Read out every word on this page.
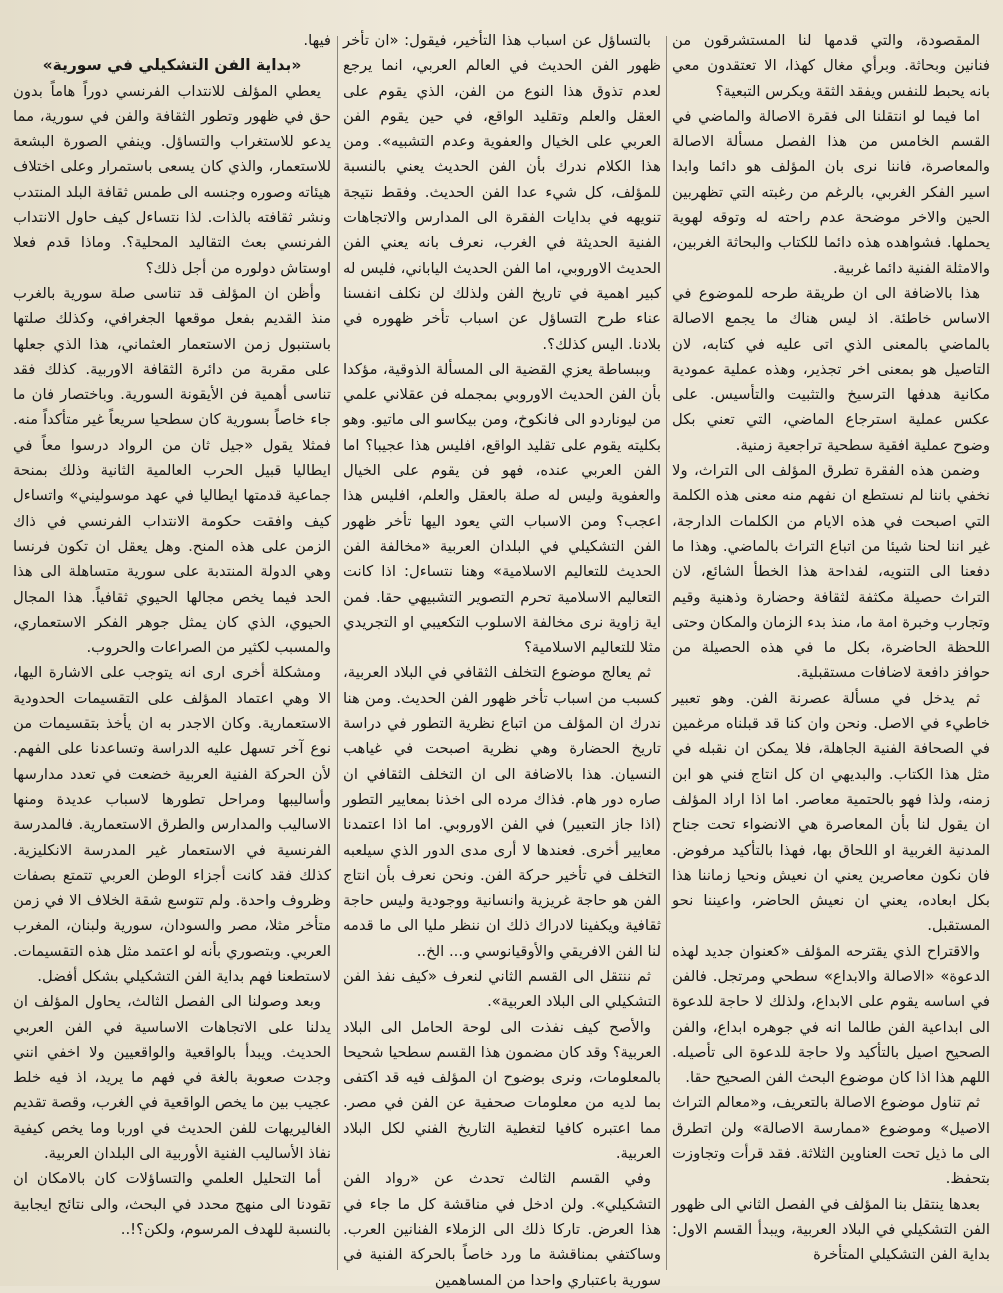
المقصودة، والتي قدمها لنا المستشرقون من فنانين وبحاثة. وبرأي مغال كهذا، الا تعتقدون معي بانه يحبط للنفس ويفقد الثقة ويكرس التبعية؟

اما فيما لو انتقلنا الى فقرة الاصالة والماضي في القسم الخامس من هذا الفصل مسألة الاصالة والمعاصرة، فاننا نرى بان المؤلف هو دائما وابدا اسير الفكر الغربي، بالرغم من رغبته التي تظهربين الحين والاخر موضحة عدم راحته له وتوقه لهوية يحملها. فشواهده هذه دائما للكتاب والبحاثة الغربين، والامثلة الفنية دائما غربية.

هذا بالاضافة الى ان طريقة طرحه للموضوع في الاساس خاطئة. اذ ليس هناك ما يجمع الاصالة بالماضي بالمعنى الذي اتى عليه في كتابه، لان التاصيل هو بمعنى اخر تجذير، وهذه عملية عمودية مكانية هدفها الترسيخ والتثبيت والتأسيس. على عكس عملية استرجاع الماضي، التي تعني بكل وضوح عملية افقية سطحية تراجعية زمنية.

وضمن هذه الفقرة تطرق المؤلف الى التراث، ولا نخفي باننا لم نستطع ان نفهم منه معنى هذه الكلمة التي اصبحت في هذه الايام من الكلمات الدارجة، غير اننا لحنا شيئا من اتباع التراث بالماضي. وهذا ما دفعنا الى التنويه، لفداحة هذا الخطأ الشائع، لان التراث حصيلة مكثفة لثقافة وحضارة وذهنية وقيم وتجارب وخبرة امة ما، منذ بدء الزمان والمكان وحتى اللحظة الحاضرة، بكل ما في هذه الحصيلة من حوافز دافعة لاضافات مستقبلية.

ثم يدخل في مسألة عصرنة الفن. وهو تعبير خاطيء في الاصل. ونحن وان كنا قد قبلناه مرغمين في الصحافة الفنية الجاهلة، فلا يمكن ان نقبله في مثل هذا الكتاب. والبديهي ان كل انتاج فني هو ابن زمنه، ولذا فهو بالحتمية معاصر. اما اذا اراد المؤلف ان يقول لنا بأن المعاصرة هي الانضواء تحت جناح المدنية الغربية او اللحاق بها، فهذا بالتأكيد مرفوض. فان نكون معاصرين يعني ان نعيش ونحيا زماننا هذا بكل ابعاده، يعني ان نعيش الحاضر، واعيننا نحو المستقبل.

والاقتراح الذي يقترحه المؤلف «كعنوان جديد لهذه الدعوة» «الاصالة والابداع» سطحي ومرتجل. فالفن في اساسه يقوم على الابداع، ولذلك لا حاجة للدعوة الى ابداعية الفن طالما انه في جوهره ابداع، والفن الصحيح اصيل بالتأكيد ولا حاجة للدعوة الى تأصيله. اللهم هذا اذا كان موضوع البحث الفن الصحيح حقا.

ثم تناول موضوع الاصالة بالتعريف، و«معالم التراث الاصيل» وموضوع «ممارسة الاصالة» ولن اتطرق الى ما ذيل تحت العناوين الثلاثة. فقد قرأت وتجاوزت بتحفظ.

بعدها ينتقل بنا المؤلف في الفصل الثاني الى ظهور الفن التشكيلي في البلاد العربية، ويبدأ القسم الاول: بداية الفن التشكيلي المتأخرة

بالتساؤل عن اسباب هذا التأخير، فيقول: «ان تأخر ظهور الفن الحديث في العالم العربي، انما يرجع لعدم تذوق هذا النوع من الفن، الذي يقوم على العقل والعلم وتقليد الواقع، في حين يقوم الفن العربي على الخيال والعفوية وعدم التشبيه». ومن هذا الكلام ندرك بأن الفن الحديث يعني بالنسبة للمؤلف، كل شيء عدا الفن الحديث. وفقط نتيجة تنويهه في بدايات الفقرة الى المدارس والاتجاهات الفنية الحديثة في الغرب، نعرف بانه يعني الفن الحديث الاوروبي، اما الفن الحديث الياباني، فليس له كبير اهمية في تاريخ الفن ولذلك لن نكلف انفسنا عناء طرح التساؤل عن اسباب تأخر ظهوره في بلادنا. اليس كذلك؟.

وببساطة يعزي القضية الى المسألة الذوقية، مؤكدا بأن الفن الحديث الاوروبي بمجمله فن عقلاني علمي من ليوناردو الى فانكوخ، ومن بيكاسو الى ماتيو. وهو بكليته يقوم على تقليد الواقع، افليس هذا عجيبا؟ اما الفن العربي عنده، فهو فن يقوم على الخيال والعفوية وليس له صلة بالعقل والعلم، افليس هذا اعجب؟ ومن الاسباب التي يعود اليها تأخر ظهور الفن التشكيلي في البلدان العربية «مخالفة الفن الحديث للتعاليم الاسلامية» وهنا نتساءل: اذا كانت التعاليم الاسلامية تحرم التصوير التشبيهي حقا. فمن اية زاوية نرى مخالفة الاسلوب التكعيبي او التجريدي مثلا للتعاليم الاسلامية؟

ثم يعالج موضوع التخلف الثقافي في البلاد العربية، كسبب من اسباب تأخر ظهور الفن الحديث. ومن هنا ندرك ان المؤلف من اتباع نظرية التطور في دراسة تاريخ الحضارة وهي نظرية اصبحت في غياهب النسيان. هذا بالاضافة الى ان التخلف الثقافي ان صاره دور هام. فذاك مرده الى اخذنا بمعايير التطور (اذا جاز التعبير) في الفن الاوروبي. اما اذا اعتمدنا معايير أخرى. فعندها لا أرى مدى الدور الذي سيلعبه التخلف في تأخير حركة الفن. ونحن نعرف بأن انتاج الفن هو حاجة غريزية وانسانية ووجودية وليس حاجة ثقافية ويكفينا لادراك ذلك ان ننظر مليا الى ما قدمه لنا الفن الافريقي والأوقيانوسي و... الخ..

ثم ننتقل الى القسم الثاني لنعرف «كيف نفذ الفن التشكيلي الى البلاد العربية».

والأصح كيف نفذت الى لوحة الحامل الى البلاد العربية؟ وقد كان مضمون هذا القسم سطحيا شحيحا بالمعلومات، ونرى بوضوح ان المؤلف فيه قد اكتفى بما لديه من معلومات صحفية عن الفن في مصر. مما اعتبره كافيا لتغطية التاريخ الفني لكل البلاد العربية.

وفي القسم الثالث تحدث عن «رواد الفن التشكيلي». ولن ادخل في مناقشة كل ما جاء في هذا العرض. تاركا ذلك الى الزملاء الفنانين العرب. وساكتفي بمناقشة ما ورد خاصاً بالحركة الفنية في سورية باعتباري واحدا من المساهمين

فيها.

«بداية الفن التشكيلي في سورية»

يعطي المؤلف للانتداب الفرنسي دوراً هاماً بدون حق في ظهور وتطور الثقافة والفن في سورية، مما يدعو للاستغراب والتساؤل. وينفي الصورة البشعة للاستعمار، والذي كان يسعى باستمرار وعلى اختلاف هيئاته وصوره وجنسه الى طمس ثقافة البلد المنتدب ونشر ثقافته بالذات. لذا نتساءل كيف حاول الانتداب الفرنسي بعث التقاليد المحلية؟. وماذا قدم فعلا اوستاش دولوره من أجل ذلك؟

وأظن ان المؤلف قد تناسى صلة سورية بالغرب منذ القديم بفعل موقعها الجغرافي، وكذلك صلتها باستنبول زمن الاستعمار العثماني، هذا الذي جعلها على مقربة من دائرة الثقافة الاوربية. كذلك فقد تناسى أهمية فن الأيقونة السورية. وباختصار فان ما جاء خاصاً بسورية كان سطحيا سريعاً غير متأكداً منه. فمثلا يقول «جيل ثان من الرواد درسوا معاً في ايطاليا قبيل الحرب العالمية الثانية وذلك بمنحة جماعية قدمتها ايطاليا في عهد موسوليني» واتساءل كيف وافقت حكومة الانتداب الفرنسي في ذاك الزمن على هذه المنح. وهل يعقل ان تكون فرنسا وهي الدولة المنتدبة على سورية متساهلة الى هذا الحد فيما يخص مجالها الحيوي ثقافياً. هذا المجال الحيوي، الذي كان يمثل جوهر الفكر الاستعماري، والمسبب لكثير من الصراعات والحروب.

ومشكلة أخرى ارى انه يتوجب على الاشارة اليها، الا وهي اعتماد المؤلف على التقسيمات الحدودية الاستعمارية. وكان الاجدر به ان يأخذ بتقسيمات من نوع آخر تسهل عليه الدراسة وتساعدنا على الفهم. لأن الحركة الفنية العربية خضعت في تعدد مدارسها وأساليبها ومراحل تطورها لاسباب عديدة ومنها الاساليب والمدارس والطرق الاستعمارية. فالمدرسة الفرنسية في الاستعمار غير المدرسة الانكليزية. كذلك فقد كانت أجزاء الوطن العربي تتمتع بصفات وظروف واحدة. ولم تتوسع شقة الخلاف الا في زمن متأخر مثلا، مصر والسودان، سورية ولبنان، المغرب العربي. وبتصوري بأنه لو اعتمد مثل هذه التقسيمات. لاستطعنا فهم بداية الفن التشكيلي بشكل أفضل.

وبعد وصولنا الى الفصل الثالث، يحاول المؤلف ان يدلنا على الاتجاهات الاساسية في الفن العربي الحديث. ويبدأ بالواقعية والواقعيين ولا اخفي انني وجدت صعوبة بالغة في فهم ما يريد، اذ فيه خلط عجيب بين ما يخص الواقعية في الغرب، وقصة تقديم الغاليريهات للفن الحديث في اوربا وما يخص كيفية نفاذ الأساليب الفنية الأوربية الى البلدان العربية.

أما التحليل العلمي والتساؤلات كان بالامكان ان تقودنا الى منهج محدد في البحث، والى نتائج ايجابية بالنسبة للهدف المرسوم، ولكن؟!..
